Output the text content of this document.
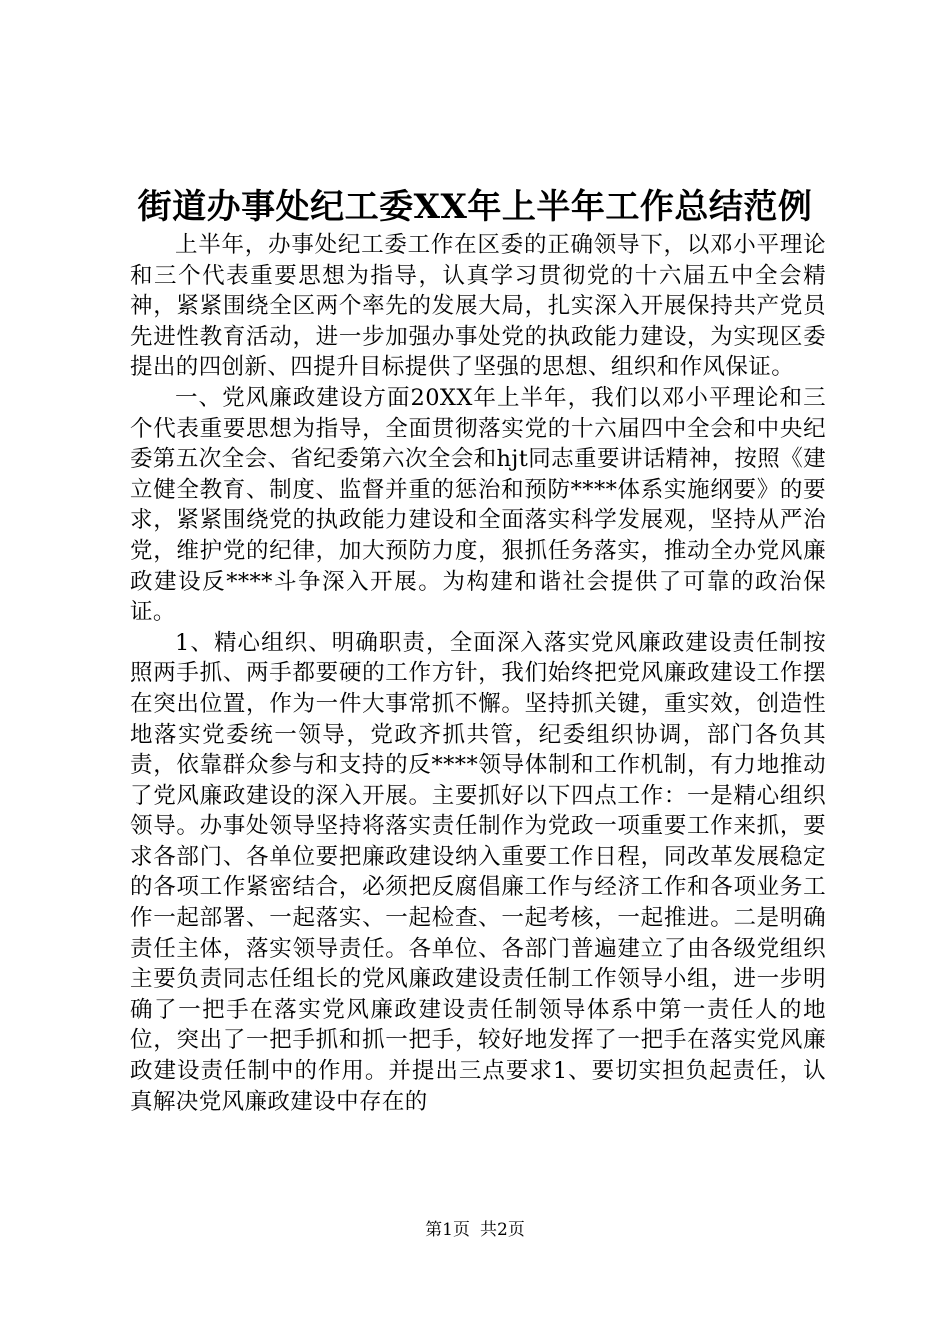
街道办事处纪工委XX年上半年工作总结范例

上半年，办事处纪工委工作在区委的正确领导下，以邓小平理论和三个代表重要思想为指导，认真学习贯彻党的十六届五中全会精神，紧紧围绕全区两个率先的发展大局，扎实深入开展保持共产党员先进性教育活动，进一步加强办事处党的执政能力建设，为实现区委提出的四创新、四提升目标提供了坚强的思想、组织和作风保证。

一、党风廉政建设方面20XX年上半年，我们以邓小平理论和三个代表重要思想为指导，全面贯彻落实党的十六届四中全会和中央纪委第五次全会、省纪委第六次全会和hjt同志重要讲话精神，按照《建立健全教育、制度、监督并重的惩治和预防****体系实施纲要》的要求，紧紧围绕党的执政能力建设和全面落实科学发展观，坚持从严治党，维护党的纪律，加大预防力度，狠抓任务落实，推动全办党风廉政建设反****斗争深入开展。为构建和谐社会提供了可靠的政治保证。

1、精心组织、明确职责，全面深入落实党风廉政建设责任制按照两手抓、两手都要硬的工作方针，我们始终把党风廉政建设工作摆在突出位置，作为一件大事常抓不懈。坚持抓关键，重实效，创造性地落实党委统一领导，党政齐抓共管，纪委组织协调，部门各负其责，依靠群众参与和支持的反****领导体制和工作机制，有力地推动了党风廉政建设的深入开展。主要抓好以下四点工作：一是精心组织领导。办事处领导坚持将落实责任制作为党政一项重要工作来抓，要求各部门、各单位要把廉政建设纳入重要工作日程，同改革发展稳定的各项工作紧密结合，必须把反腐倡廉工作与经济工作和各项业务工作一起部署、一起落实、一起检查、一起考核，一起推进。二是明确责任主体，落实领导责任。各单位、各部门普遍建立了由各级党组织主要负责同志任组长的党风廉政建设责任制工作领导小组，进一步明确了一把手在落实党风廉政建设责任制领导体系中第一责任人的地位，突出了一把手抓和抓一把手，较好地发挥了一把手在落实党风廉政建设责任制中的作用。并提出三点要求1、要切实担负起责任，认真解决党风廉政建设中存在的

第1页 共2页
